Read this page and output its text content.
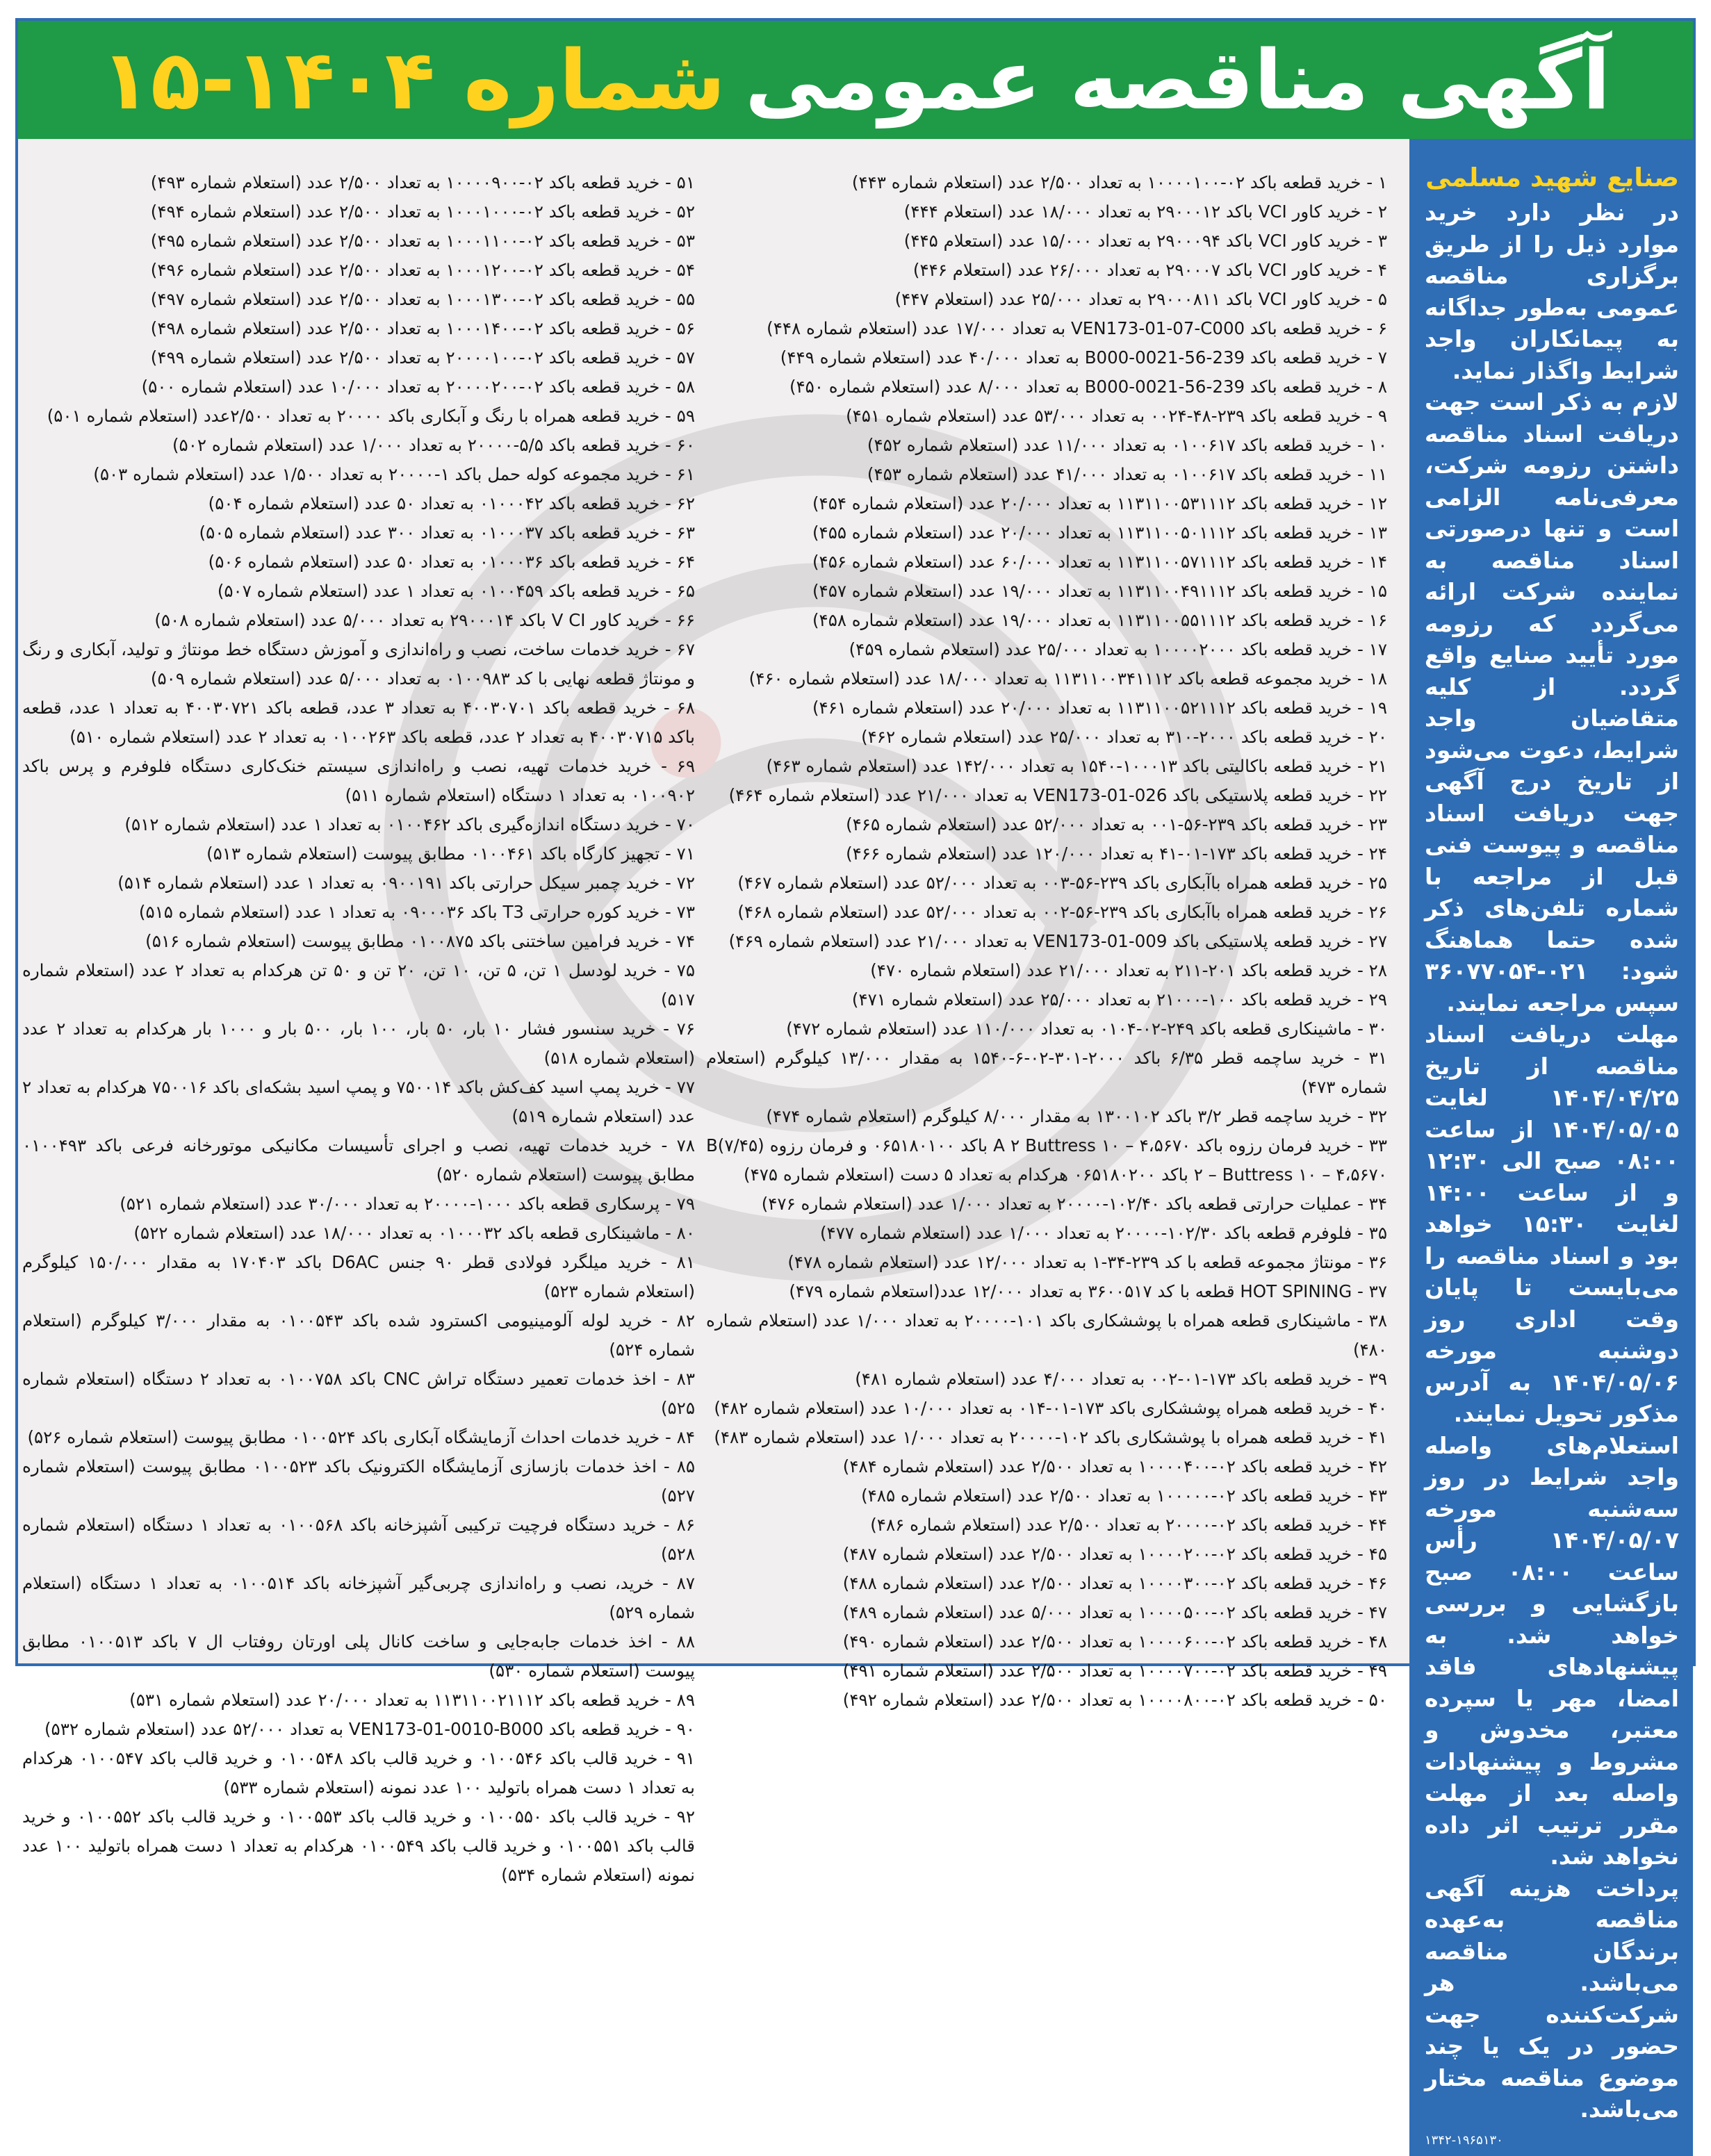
آگهی مناقصه عمومی
شماره ۱۴۰۴-۱۵

۱ - خرید قطعه باکد ۰۲-۱۰۰۰۰۱۰۰ به تعداد ۲/۵۰۰ عدد (استعلام شماره ۴۴۳)

۲ - خرید کاور VCI باکد ۲۹۰۰۰۱۲ به تعداد ۱۸/۰۰۰ عدد (استعلام ۴۴۴)

۳ - خرید کاور VCI باکد ۲۹۰۰۰۹۴ به تعداد ۱۵/۰۰۰ عدد (استعلام ۴۴۵)

۴ - خرید کاور VCI باکد ۲۹۰۰۰۷ به تعداد ۲۶/۰۰۰ عدد (استعلام ۴۴۶)

۵ - خرید کاور VCI باکد ۲۹۰۰۰۸۱۱ به تعداد ۲۵/۰۰۰ عدد (استعلام ۴۴۷)

۶ - خرید قطعه باکد VEN173-01-07-C000 به تعداد ۱۷/۰۰۰ عدد (استعلام شماره ۴۴۸)

۷ - خرید قطعه باکد 239-56-0021-B000 به تعداد ۴۰/۰۰۰ عدد (استعلام شماره ۴۴۹)

۸ - خرید قطعه باکد 239-56-0021-B000 به تعداد ۸/۰۰۰ عدد (استعلام شماره ۴۵۰)

۹ - خرید قطعه باکد ۲۳۹-۴۸-۰۰۲۴ به تعداد ۵۳/۰۰۰ عدد (استعلام شماره ۴۵۱)

۱۰ - خرید قطعه باکد ۰۱۰۰۶۱۷ به تعداد ۱۱/۰۰۰ عدد (استعلام شماره ۴۵۲)

۱۱ - خرید قطعه باکد ۰۱۰۰۶۱۷ به تعداد ۴۱/۰۰۰ عدد (استعلام شماره ۴۵۳)

۱۲ - خرید قطعه باکد ۱۱۳۱۱۰۰۵۳۱۱۱۲ به تعداد ۲۰/۰۰۰ عدد (استعلام شماره ۴۵۴)

۱۳ - خرید قطعه باکد ۱۱۳۱۱۰۰۵۰۱۱۱۲ به تعداد ۲۰/۰۰۰ عدد (استعلام شماره ۴۵۵)

۱۴ - خرید قطعه باکد ۱۱۳۱۱۰۰۵۷۱۱۱۲ به تعداد ۶۰/۰۰۰ عدد (استعلام شماره ۴۵۶)

۱۵ - خرید قطعه باکد ۱۱۳۱۱۰۰۴۹۱۱۱۲ به تعداد ۱۹/۰۰۰ عدد (استعلام شماره ۴۵۷)

۱۶ - خرید قطعه باکد ۱۱۳۱۱۰۰۵۵۱۱۱۲ به تعداد ۱۹/۰۰۰ عدد (استعلام شماره ۴۵۸)

۱۷ - خرید قطعه باکد ۱۰۰۰۰۲۰۰۰ به تعداد ۲۵/۰۰۰ عدد (استعلام شماره ۴۵۹)

۱۸ - خرید مجموعه قطعه باکد ۱۱۳۱۱۰۰۳۴۱۱۱۲ به تعداد ۱۸/۰۰۰ عدد (استعلام شماره ۴۶۰)

۱۹ - خرید قطعه باکد ۱۱۳۱۱۰۰۵۲۱۱۱۲ به تعداد ۲۰/۰۰۰ عدد (استعلام شماره ۴۶۱)

۲۰ - خرید قطعه باکد ۲۰۰۰-۳۱۰ به تعداد ۲۵/۰۰۰ عدد (استعلام شماره ۴۶۲)

۲۱ - خرید قطعه باکالیتی باکد ۱۰۰۰۱۳-۱۵۴۰ به تعداد ۱۴۲/۰۰۰ عدد (استعلام شماره ۴۶۳)

۲۲ - خرید قطعه پلاستیکی باکد VEN173-01-026 به تعداد ۲۱/۰۰۰ عدد (استعلام شماره ۴۶۴)

۲۳ - خرید قطعه باکد ۲۳۹-۵۶-۰۰۱ به تعداد ۵۲/۰۰۰ عدد (استعلام شماره ۴۶۵)

۲۴ - خرید قطعه باکد ۱۷۳-۰۱-۴۱ به تعداد ۱۲۰/۰۰۰ عدد (استعلام شماره ۴۶۶)

۲۵ - خرید قطعه همراه باآبکاری باکد ۲۳۹-۵۶-۰۰۳ به تعداد ۵۲/۰۰۰ عدد (استعلام شماره ۴۶۷)

۲۶ - خرید قطعه همراه باآبکاری باکد ۲۳۹-۵۶-۰۰۲ به تعداد ۵۲/۰۰۰ عدد (استعلام شماره ۴۶۸)

۲۷ - خرید قطعه پلاستیکی باکد VEN173-01-009 به تعداد ۲۱/۰۰۰ عدد (استعلام شماره ۴۶۹)

۲۸ - خرید قطعه باکد ۲۰۱-۲۱۱ به تعداد ۲۱/۰۰۰ عدد (استعلام شماره ۴۷۰)

۲۹ - خرید قطعه باکد ۱۰۰-۲۱۰۰۰ به تعداد ۲۵/۰۰۰ عدد (استعلام شماره ۴۷۱)

۳۰ - ماشینکاری قطعه باکد ۲۴۹-۰۲-۰۱۰۴ به تعداد ۱۱۰/۰۰۰ عدد (استعلام شماره ۴۷۲)

۳۱ - خرید ساچمه قطر ۶/۳۵ باکد ۲۰۰۰-۳۰۱-۰۲-۶-۱۵۴۰ به مقدار ۱۳/۰۰۰ کیلوگرم (استعلام شماره ۴۷۳)

۳۲ - خرید ساچمه قطر ۳/۲ باکد ۱۳۰۰۱۰۲ به مقدار ۸/۰۰۰ کیلوگرم (استعلام شماره ۴۷۴)

۳۳ - خرید فرمان رزوه باکد A ۲ Buttress ۱۰ – ۴،۵۶۷۰ باکد ۰۶۵۱۸۰۱۰۰ و فرمان رزوه B(۷/۴۵) ۲ – Buttress ۱۰ – ۴،۵۶۷۰ باکد ۰۶۵۱۸۰۲۰۰ هرکدام به تعداد ۵ دست (استعلام شماره ۴۷۵)

۳۴ - عملیات حرارتی قطعه باکد ۱۰۲/۴۰-۲۰۰۰۰ به تعداد ۱/۰۰۰ عدد (استعلام شماره ۴۷۶)

۳۵ - فلوفرم قطعه باکد ۱۰۲/۳۰-۲۰۰۰۰ به تعداد ۱/۰۰۰ عدد (استعلام شماره ۴۷۷)

۳۶ - مونتاژ مجموعه قطعه با کد ۲۳۹-۳۴-۱ به تعداد ۱۲/۰۰۰ عدد (استعلام شماره ۴۷۸)

۳۷ - HOT SPINING قطعه با کد ۳۶۰۰۵۱۷ به تعداد ۱۲/۰۰۰ عدد(استعلام شماره ۴۷۹)

۳۸ - ماشینکاری قطعه همراه با پوششکاری باکد ۱۰۱-۲۰۰۰۰ به تعداد ۱/۰۰۰ عدد (استعلام شماره ۴۸۰)

۳۹ - خرید قطعه باکد ۱۷۳-۰۱-۰۰۲ به تعداد ۴/۰۰۰ عدد (استعلام شماره ۴۸۱)

۴۰ - خرید قطعه همراه پوششکاری باکد ۱۷۳-۰۱-۰۱۴ به تعداد ۱۰/۰۰۰ عدد (استعلام شماره ۴۸۲)

۴۱ - خرید قطعه همراه با پوششکاری باکد ۱۰۲-۲۰۰۰۰ به تعداد ۱/۰۰۰ عدد (استعلام شماره ۴۸۳)

۴۲ - خرید قطعه باکد ۰۲-۱۰۰۰۰۴۰۰ به تعداد ۲/۵۰۰ عدد (استعلام شماره ۴۸۴)

۴۳ - خرید قطعه باکد ۰۲-۱۰۰۰۰۰ به تعداد ۲/۵۰۰ عدد (استعلام شماره ۴۸۵)

۴۴ - خرید قطعه باکد ۰۲-۲۰۰۰۰ به تعداد ۲/۵۰۰ عدد (استعلام شماره ۴۸۶)

۴۵ - خرید قطعه باکد ۰۲-۱۰۰۰۰۲۰۰ به تعداد ۲/۵۰۰ عدد (استعلام شماره ۴۸۷)

۴۶ - خرید قطعه باکد ۰۲-۱۰۰۰۰۳۰۰ به تعداد ۲/۵۰۰ عدد (استعلام شماره ۴۸۸)

۴۷ - خرید قطعه باکد ۰۲-۱۰۰۰۰۵۰۰ به تعداد ۵/۰۰۰ عدد (استعلام شماره ۴۸۹)

۴۸ - خرید قطعه باکد ۰۲-۱۰۰۰۰۶۰۰ به تعداد ۲/۵۰۰ عدد (استعلام شماره ۴۹۰)

۴۹ - خرید قطعه باکد ۰۲-۱۰۰۰۰۷۰۰ به تعداد ۲/۵۰۰ عدد (استعلام شماره ۴۹۱)

۵۰ - خرید قطعه باکد ۰۲-۱۰۰۰۰۸۰۰ به تعداد ۲/۵۰۰ عدد (استعلام شماره ۴۹۲)

۵۱ - خرید قطعه باکد ۰۲-۱۰۰۰۰۹۰۰ به تعداد ۲/۵۰۰ عدد (استعلام شماره ۴۹۳)

۵۲ - خرید قطعه باکد ۰۲-۱۰۰۰۱۰۰۰ به تعداد ۲/۵۰۰ عدد (استعلام شماره ۴۹۴)

۵۳ - خرید قطعه باکد ۰۲-۱۰۰۰۱۱۰۰ به تعداد ۲/۵۰۰ عدد (استعلام شماره ۴۹۵)

۵۴ - خرید قطعه باکد ۰۲-۱۰۰۰۱۲۰۰ به تعداد ۲/۵۰۰ عدد (استعلام شماره ۴۹۶)

۵۵ - خرید قطعه باکد ۰۲-۱۰۰۰۱۳۰۰ به تعداد ۲/۵۰۰ عدد (استعلام شماره ۴۹۷)

۵۶ - خرید قطعه باکد ۰۲-۱۰۰۰۱۴۰۰ به تعداد ۲/۵۰۰ عدد (استعلام شماره ۴۹۸)

۵۷ - خرید قطعه باکد ۰۲-۲۰۰۰۰۱۰۰ به تعداد ۲/۵۰۰ عدد (استعلام شماره ۴۹۹)

۵۸ - خرید قطعه باکد ۰۲-۲۰۰۰۰۲۰۰ به تعداد ۱۰/۰۰۰ عدد (استعلام شماره ۵۰۰)

۵۹ - خرید قطعه همراه با رنگ و آبکاری باکد ۲۰۰۰۰ به تعداد ۲/۵۰۰عدد (استعلام شماره ۵۰۱)

۶۰ - خرید قطعه باکد ۵/۵-۲۰۰۰۰ به تعداد ۱/۰۰۰ عدد (استعلام شماره ۵۰۲)

۶۱ - خرید مجموعه کوله حمل باکد ۱-۲۰۰۰۰ به تعداد ۱/۵۰۰ عدد (استعلام شماره ۵۰۳)

۶۲ - خرید قطعه باکد ۰۱۰۰۰۴۲ به تعداد ۵۰ عدد (استعلام شماره ۵۰۴)

۶۳ - خرید قطعه باکد ۰۱۰۰۰۳۷ به تعداد ۳۰۰ عدد (استعلام شماره ۵۰۵)

۶۴ - خرید قطعه باکد ۰۱۰۰۰۳۶ به تعداد ۵۰ عدد (استعلام شماره ۵۰۶)

۶۵ - خرید قطعه باکد ۰۱۰۰۴۵۹ به تعداد ۱ عدد (استعلام شماره ۵۰۷)

۶۶ - خرید کاور V CI باکد ۲۹۰۰۰۱۴ به تعداد ۵/۰۰۰ عدد (استعلام شماره ۵۰۸)

۶۷ - خرید خدمات ساخت، نصب و راه‌اندازی و آموزش دستگاه خط مونتاژ و تولید، آبکاری و رنگ و مونتاژ قطعه نهایی با کد ۰۱۰۰۹۸۳ به تعداد ۵/۰۰۰ عدد (استعلام شماره ۵۰۹)

۶۸ - خرید قطعه باکد ۴۰۰۳۰۷۰۱ به تعداد ۳ عدد، قطعه باکد ۴۰۰۳۰۷۲۱ به تعداد ۱ عدد، قطعه باکد ۴۰۰۳۰۷۱۵ به تعداد ۲ عدد، قطعه باکد ۰۱۰۰۲۶۳ به تعداد ۲ عدد (استعلام شماره ۵۱۰)

۶۹ - خرید خدمات تهیه، نصب و راه‌اندازی سیستم خنک‌کاری دستگاه فلوفرم و پرس باکد ۰۱۰۰۹۰۲ به تعداد ۱ دستگاه (استعلام شماره ۵۱۱)

۷۰ - خرید دستگاه اندازه‌گیری باکد ۰۱۰۰۴۶۲ به تعداد ۱ عدد (استعلام شماره ۵۱۲)

۷۱ - تجهیز کارگاه باکد ۰۱۰۰۴۶۱ مطابق پیوست (استعلام شماره ۵۱۳)

۷۲ - خرید چمبر سیکل حرارتی باکد ۰۹۰۰۱۹۱ به تعداد ۱ عدد (استعلام شماره ۵۱۴)

۷۳ - خرید کوره حرارتی T3 باکد ۰۹۰۰۰۳۶ به تعداد ۱ عدد (استعلام شماره ۵۱۵)

۷۴ - خرید فرامین ساختنی باکد ۰۱۰۰۸۷۵ مطابق پیوست (استعلام شماره ۵۱۶)

۷۵ - خرید لودسل ۱ تن، ۵ تن، ۱۰ تن، ۲۰ تن و ۵۰ تن هرکدام به تعداد ۲ عدد (استعلام شماره ۵۱۷)

۷۶ - خرید سنسور فشار ۱۰ بار، ۵۰ بار، ۱۰۰ بار، ۵۰۰ بار و ۱۰۰۰ بار هرکدام به تعداد ۲ عدد (استعلام شماره ۵۱۸)

۷۷ - خرید پمپ اسید کف‌کش باکد ۷۵۰۰۱۴ و پمپ اسید بشکه‌ای باکد ۷۵۰۰۱۶ هرکدام به تعداد ۲ عدد (استعلام شماره ۵۱۹)

۷۸ - خرید خدمات تهیه، نصب و اجرای تأسیسات مکانیکی موتورخانه فرعی باکد ۰۱۰۰۴۹۳ مطابق پیوست (استعلام شماره ۵۲۰)

۷۹ - پرسکاری قطعه باکد ۱۰۰۰-۲۰۰۰۰ به تعداد ۳۰/۰۰۰ عدد (استعلام شماره ۵۲۱)

۸۰ - ماشینکاری قطعه باکد ۰۱۰۰۰۳۲ به تعداد ۱۸/۰۰۰ عدد (استعلام شماره ۵۲۲)

۸۱ - خرید میلگرد فولادی قطر ۹۰ جنس D6AC باکد ۱۷۰۴۰۳ به مقدار ۱۵۰/۰۰۰ کیلوگرم (استعلام شماره ۵۲۳)

۸۲ - خرید لوله آلومینیومی اکسترود شده باکد ۰۱۰۰۵۴۳ به مقدار ۳/۰۰۰ کیلوگرم (استعلام شماره ۵۲۴)

۸۳ - اخذ خدمات تعمیر دستگاه تراش CNC باکد ۰۱۰۰۷۵۸ به تعداد ۲ دستگاه (استعلام شماره ۵۲۵)

۸۴ - خرید خدمات احداث آزمایشگاه آبکاری باکد ۰۱۰۰۵۲۴ مطابق پیوست (استعلام شماره ۵۲۶)

۸۵ - اخذ خدمات بازسازی آزمایشگاه الکترونیک باکد ۰۱۰۰۵۲۳ مطابق پیوست (استعلام شماره ۵۲۷)

۸۶ - خرید دستگاه فرچیت ترکیبی آشپزخانه باکد ۰۱۰۰۵۶۸ به تعداد ۱ دستگاه (استعلام شماره ۵۲۸)

۸۷ - خرید، نصب و راه‌اندازی چربی‌گیر آشپزخانه باکد ۰۱۰۰۵۱۴ به تعداد ۱ دستگاه (استعلام شماره ۵۲۹)

۸۸ - اخذ خدمات جابه‌جایی و ساخت کانال پلی اورتان روفتاب ال ۷ باکد ۰۱۰۰۵۱۳ مطابق پیوست (استعلام شماره ۵۳۰)

۸۹ - خرید قطعه باکد ۱۱۳۱۱۰۰۲۱۱۱۲ به تعداد ۲۰/۰۰۰ عدد (استعلام شماره ۵۳۱)

۹۰ - خرید قطعه باکد VEN173-01-0010-B000 به تعداد ۵۲/۰۰۰ عدد (استعلام شماره ۵۳۲)

۹۱ - خرید قالب باکد ۰۱۰۰۵۴۶ و خرید قالب باکد ۰۱۰۰۵۴۸ و خرید قالب باکد ۰۱۰۰۵۴۷ هرکدام به تعداد ۱ دست همراه باتولید ۱۰۰ عدد نمونه (استعلام شماره ۵۳۳)

۹۲ - خرید قالب باکد ۰۱۰۰۵۵۰ و خرید قالب باکد ۰۱۰۰۵۵۳ و خرید قالب باکد ۰۱۰۰۵۵۲ و خرید قالب باکد ۰۱۰۰۵۵۱ و خرید قالب باکد ۰۱۰۰۵۴۹ هرکدام به تعداد ۱ دست همراه باتولید ۱۰۰ عدد نمونه (استعلام شماره ۵۳۴)

صنایع شهید مسلمی

در نظر دارد خرید موارد ذیل را از طریق برگزاری مناقصه عمومی به‌طور جداگانه به پیمانکاران واجد شرایط واگذار نماید.

لازم به ذکر است جهت دریافت اسناد مناقصه داشتن رزومه شرکت، معرفی‌نامه الزامی است و تنها درصورتی اسناد مناقصه به نماینده شرکت ارائه می‌گردد که رزومه مورد تأیید صنایع واقع گردد. از کلیه متقاضیان واجد شرایط، دعوت می‌شود از تاریخ درج آگهی جهت دریافت اسناد مناقصه و پیوست فنی قبل از مراجعه با شماره تلفن‌های ذکر شده حتما هماهنگ شود: ۰۲۱-۳۶۰۷۷۰۵۴ سپس مراجعه نمایند.

مهلت دریافت اسناد مناقصه از تاریخ ۱۴۰۴/۰۴/۲۵ لغایت ۱۴۰۴/۰۵/۰۵ از ساعت ۰۸:۰۰ صبح الی ۱۲:۳۰ و از ساعت ۱۴:۰۰ لغایت ۱۵:۳۰ خواهد بود و اسناد مناقصه را می‌بایست تا پایان وقت اداری روز دوشنبه مورخه ۱۴۰۴/۰۵/۰۶ به آدرس مذکور تحویل نمایند.

استعلام‌های واصله واجد شرایط در روز سه‌شنبه مورخه ۱۴۰۴/۰۵/۰۷ رأس ساعت ۰۸:۰۰ صبح بازگشایی و بررسی خواهد شد. به پیشنهادهای فاقد امضا، مهر یا سپرده معتبر، مخدوش و مشروط و پیشنهادات واصله بعد از مهلت مقرر ترتیب اثر داده نخواهد شد.

پرداخت هزینه آگهی مناقصه به‌عهده برندگان مناقصه می‌باشد. هر شرکت‌کننده جهت حضور در یک یا چند موضوع مناقصه مختار می‌باشد.

۱۳۴۲-۱۹۶۵۱۳۰
